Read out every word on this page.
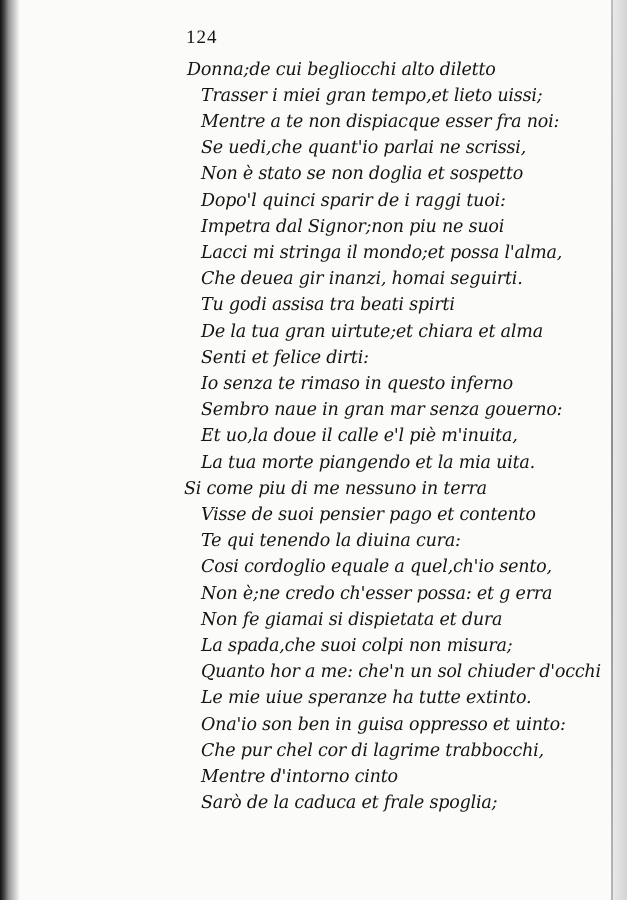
124
Donna;de cui begliocchi alto diletto
Trasser i miei gran tempo,et lieto uissi;
Mentre a te non dispiacque esser fra noi:
Se uedi,che quant'io parlai ne scrissi,
Non è stato se non doglia et sospetto
Dopo'l quinci sparir de i raggi tuoi:
Impetra dal Signor;non piu ne suoi
Lacci mi stringa il mondo;et possa l'alma,
Che deuea gir inanzi, homai seguirti.
Tu godi assisa tra beati spirti
De la tua gran uirtute;et chiara et alma
Senti et felice dirti:
Io senza te rimaso in questo inferno
Sembro naue in gran mar senza gouerno:
Et uo,la doue il calle e'l piè m'inuita,
La tua morte piangendo et la mia uita.
Si come piu di me nessuno in terra
Visse de suoi pensier pago et contento
Te qui tenendo la diuina cura:
Cosi cordoglio equale a quel,ch'io sento,
Non è;ne credo ch'esser possa: et g erra
Non fe giamai si dispietata et dura
La spada,che suoi colpi non misura;
Quanto hor a me: che'n un sol chiuder d'occhi
Le mie uiue speranze ha tutte extinto.
Ona'io son ben in guisa oppresso et uinto:
Che pur chel cor di lagrime trabbocchi,
Mentre d'intorno cinto
Sarò de la caduca et frale spoglia;
